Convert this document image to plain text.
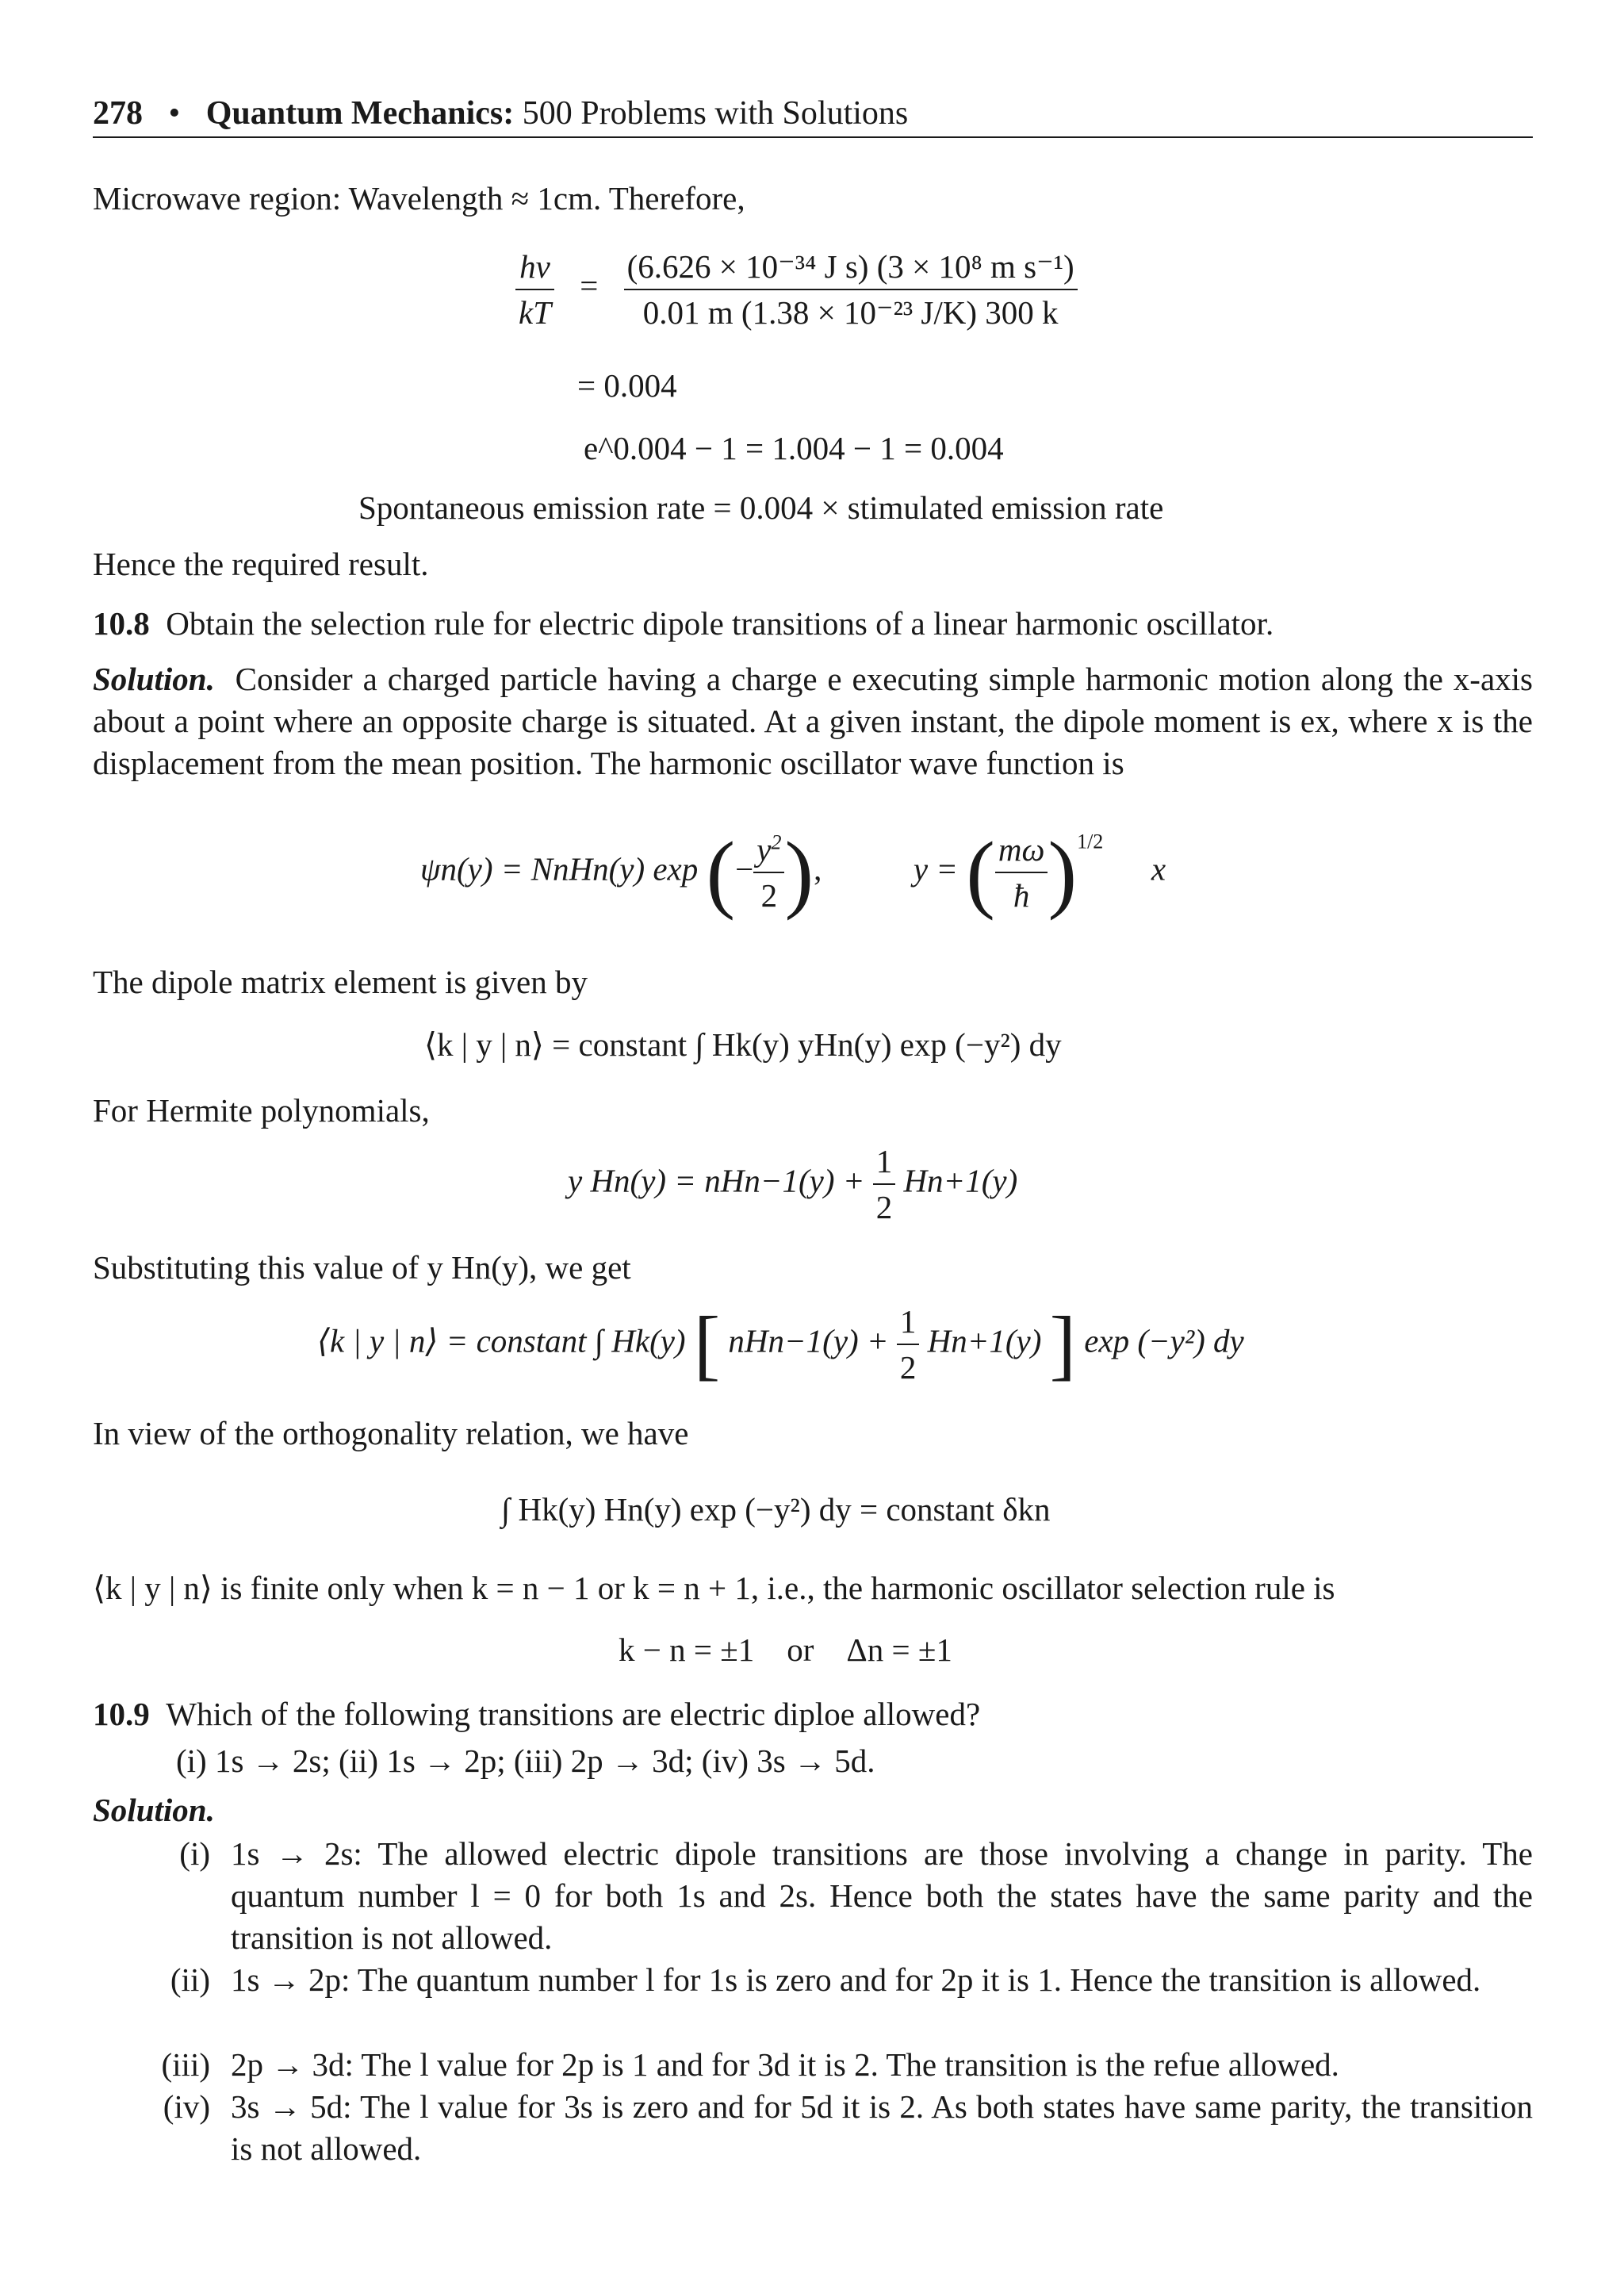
278 • Quantum Mechanics: 500 Problems with Solutions
Microwave region: Wavelength ≈ 1cm. Therefore,
$\frac{h\nu}{kT} = \frac{\text{(6.626 × 10⁻³⁴ J s) (3 × 10⁸ m s⁻¹)}}{\text{0.01 m (1.38 × 10⁻²³ J/K) 300 k}}$
= 0.004
e^0.004 − 1 = 1.004 − 1 = 0.004
Spontaneous emission rate = 0.004 × stimulated emission rate
Hence the required result.
10.8 Obtain the selection rule for electric dipole transitions of a linear harmonic oscillator.
Solution. Consider a charged particle having a charge e executing simple harmonic motion along the x-axis about a point where an opposite charge is situated. At a given instant, the dipole moment is ex, where x is the displacement from the mean position. The harmonic oscillator wave function is
ψn(y) = NnHn(y) exp (− $\frac{y^2}{2}$ ),	y = ( $\frac{m\omega}{ħ} )^{1/2}$  x
The dipole matrix element is given by
⟨k | y | n⟩ = constant ∫ Hk(y) yHn(y) exp (−y²) dy
For Hermite polynomials,
y $Hn(y) = nHn-1(y) + \frac{1}{2} Hn+1(y)$
Substituting this value of y Hn(y), we get
⟨k | y | n⟩ = constant ∫ Hk(y) [ $nHn-1(y) + \frac{1}{2} Hn+1(y)$ ] exp (−y²) dy
In view of the orthogonality relation, we have
∫ Hk(y) Hn(y) exp (−y²) dy = constant δkn
⟨k | y | n⟩ is finite only when k = n − 1 or k = n + 1, i.e., the harmonic oscillator selection rule is
k − n = ±1    or    Δn = ±1
10.9 Which of the following transitions are electric diploe allowed?
(i) 1s → 2s; (ii) 1s → 2p; (iii) 2p → 3d; (iv) 3s → 5d.
Solution.
(i) 1s → 2s: The allowed electric dipole transitions are those involving a change in parity. The quantum number l = 0 for both 1s and 2s. Hence both the states have the same parity and the transition is not allowed.
(ii) 1s → 2p: The quantum number l for 1s is zero and for 2p it is 1. Hence the transition is allowed.
(iii) 2p → 3d: The l value for 2p is 1 and for 3d it is 2. The transition is the refue allowed.
(iv) 3s → 5d: The l value for 3s is zero and for 5d it is 2. As both states have same parity, the transition is not allowed.
